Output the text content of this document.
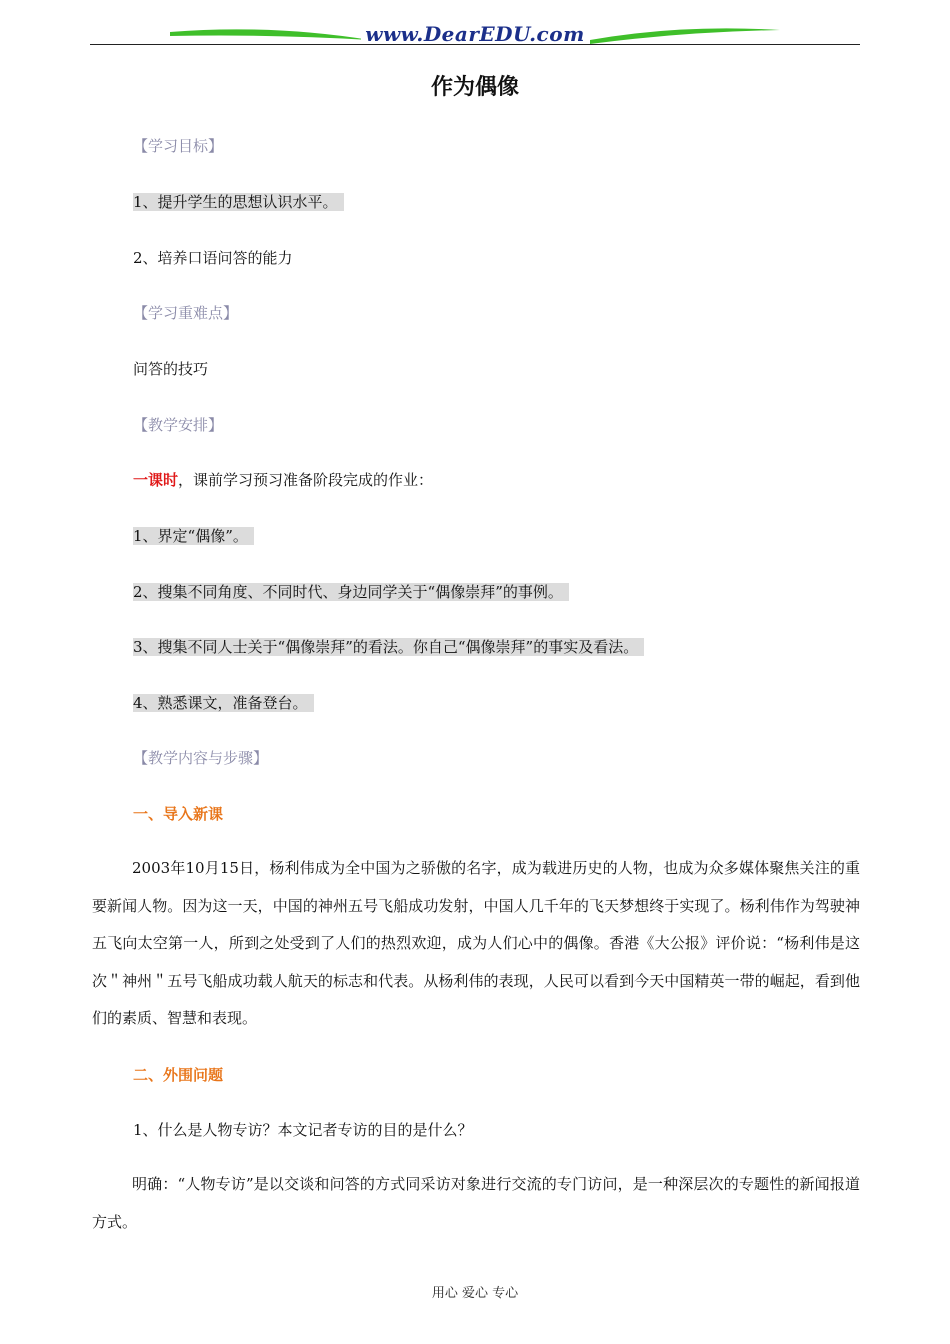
www.DearEDU.com
作为偶像
【学习目标】
1、提升学生的思想认识水平。
2、培养口语问答的能力
【学习重难点】
问答的技巧
【教学安排】
一课时，课前学习预习准备阶段完成的作业：
1、界定“偶像”。
2、搜集不同角度、不同时代、身边同学关于“偶像崇拜”的事例。
3、搜集不同人士关于“偶像崇拜”的看法。你自己“偶像崇拜”的事实及看法。
4、熟悉课文，准备登台。
【教学内容与步骤】
一、导入新课
2003年10月15日，杨利伟成为全中国为之骄傲的名字，成为载进历史的人物，也成为众多媒体聚焦关注的重要新闻人物。因为这一天，中国的神州五号飞船成功发射，中国人几千年的飞天梦想终于实现了。杨利伟作为驾驶神五飞向太空第一人，所到之处受到了人们的热烈欢迎，成为人们心中的偶像。香港《大公报》评价说：“杨利伟是这次＂神州＂五号飞船成功载人航天的标志和代表。从杨利伟的表现，人民可以看到今天中国精英一带的崛起，看到他们的素质、智慧和表现。
二、外围问题
1、什么是人物专访？本文记者专访的目的是什么？
明确：“人物专访”是以交谈和问答的方式同采访对象进行交流的专门访问，是一种深层次的专题性的新闻报道方式。
用心 爱心 专心
